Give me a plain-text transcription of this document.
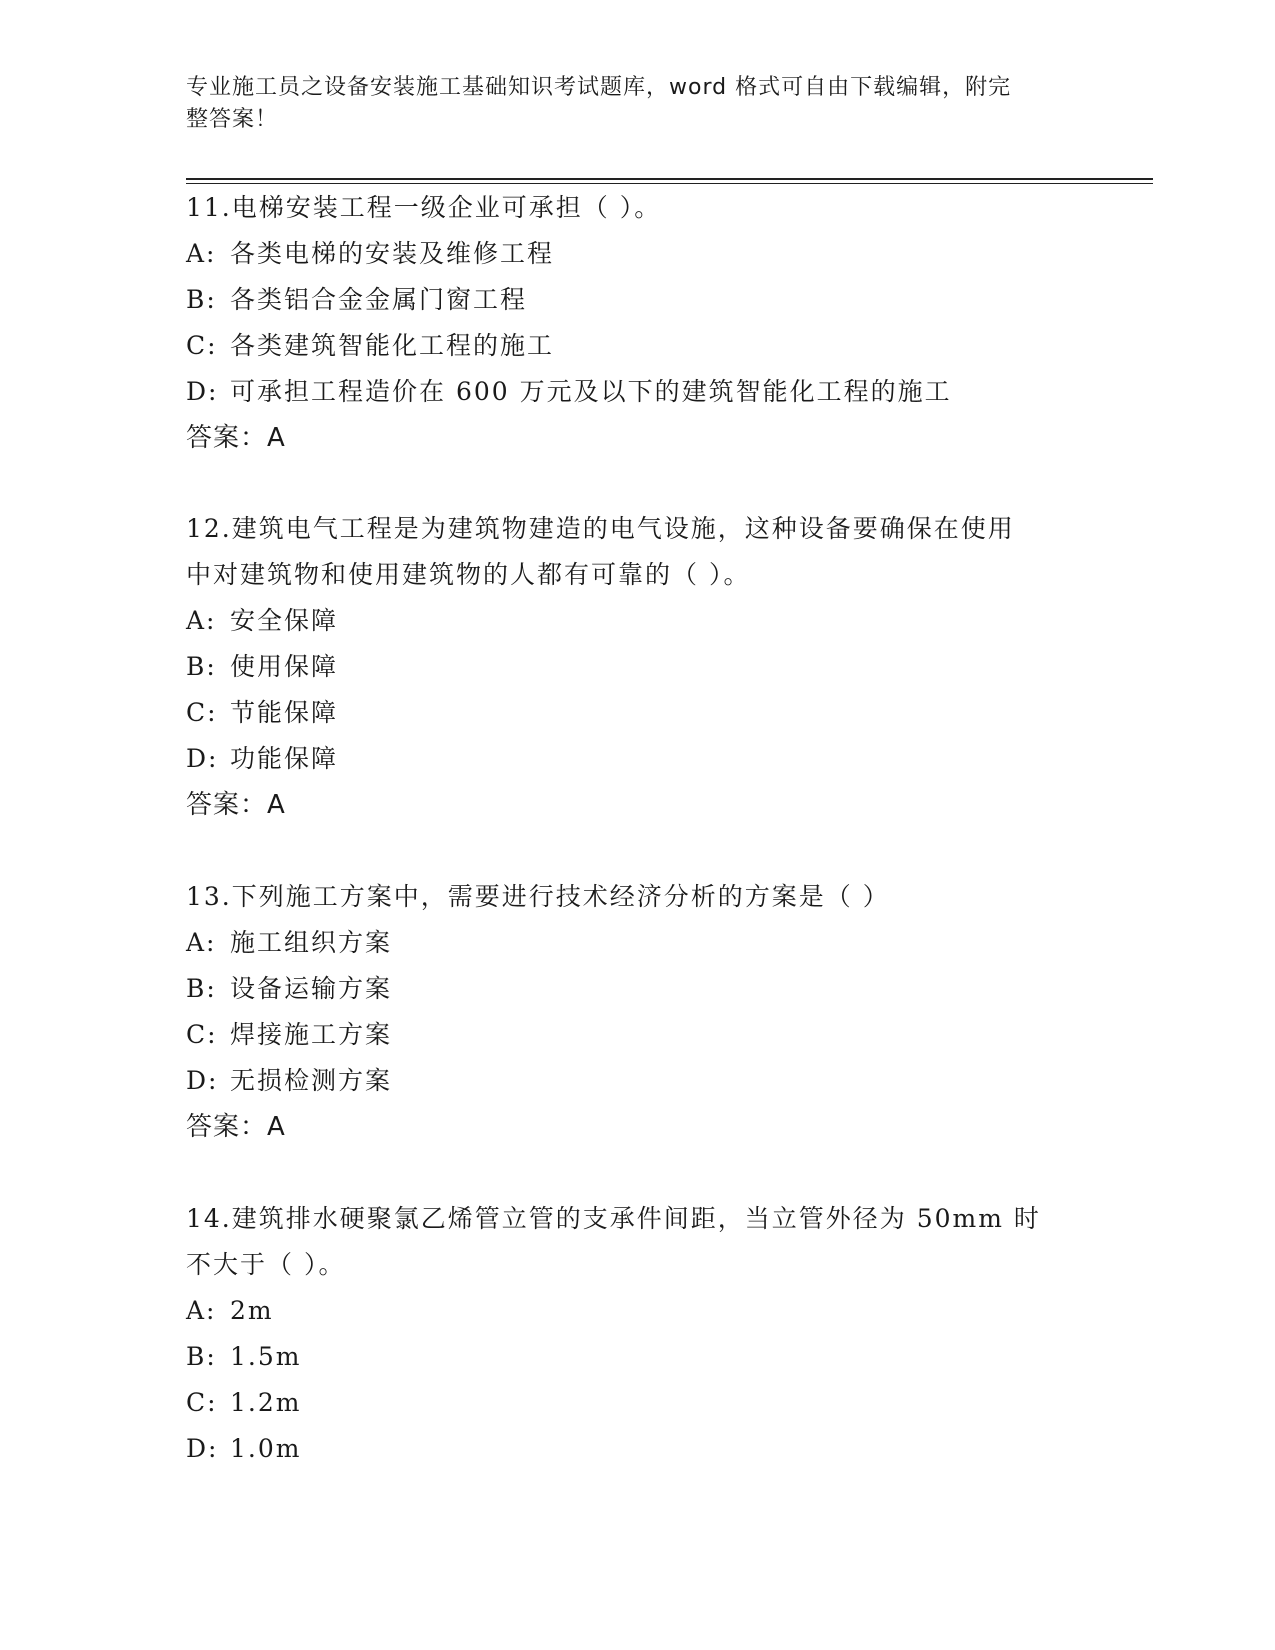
专业施工员之设备安装施工基础知识考试题库，word 格式可自由下载编辑，附完
整答案！
11.电梯安装工程一级企业可承担（ ）。
A: 各类电梯的安装及维修工程
B: 各类铝合金金属门窗工程
C: 各类建筑智能化工程的施工
D: 可承担工程造价在 600 万元及以下的建筑智能化工程的施工
答案：A
12.建筑电气工程是为建筑物建造的电气设施，这种设备要确保在使用
中对建筑物和使用建筑物的人都有可靠的（ ）。
A: 安全保障
B: 使用保障
C: 节能保障
D: 功能保障
答案：A
13.下列施工方案中，需要进行技术经济分析的方案是（ ）
A: 施工组织方案
B: 设备运输方案
C: 焊接施工方案
D: 无损检测方案
答案：A
14.建筑排水硬聚氯乙烯管立管的支承件间距，当立管外径为 50mm 时
不大于（ ）。
A: 2m
B: 1.5m
C: 1.2m
D: 1.0m
